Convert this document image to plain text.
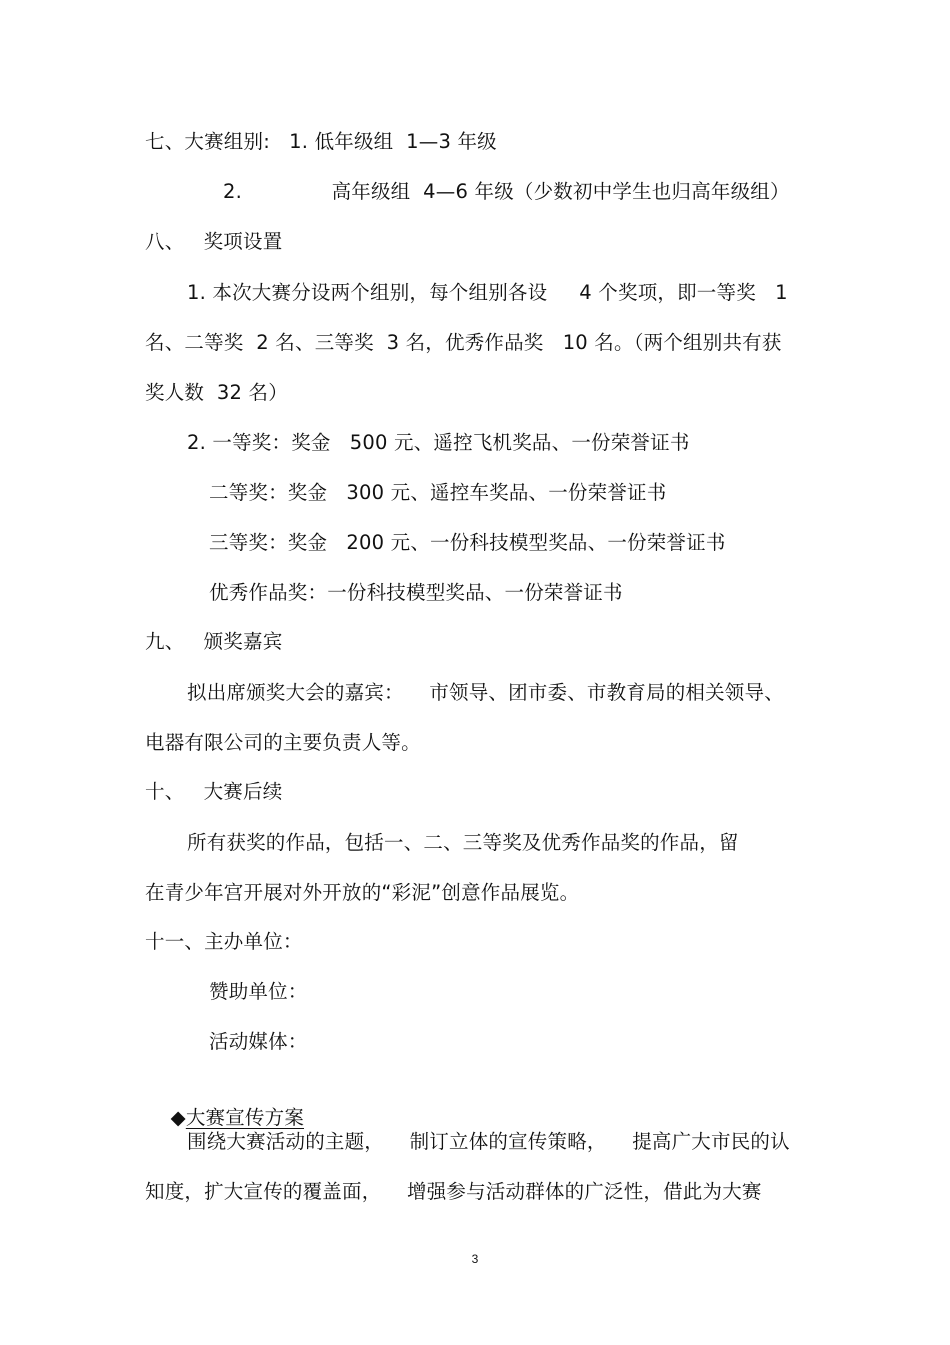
七、大赛组别:   1. 低年级组  1—3 年级
2.              高年级组  4—6 年级（少数初中学生也归高年级组）
八、   奖项设置
1. 本次大赛分设两个组别，每个组别各设     4 个奖项，即一等奖   1
名、二等奖  2 名、三等奖  3 名，优秀作品奖   10 名。（两个组别共有获
奖人数  32 名）
2. 一等奖：奖金   500 元、遥控飞机奖品、一份荣誉证书
二等奖：奖金   300 元、遥控车奖品、一份荣誉证书
三等奖：奖金   200 元、一份科技模型奖品、一份荣誉证书
优秀作品奖：一份科技模型奖品、一份荣誉证书
九、   颁奖嘉宾
拟出席颁奖大会的嘉宾：    市领导、团市委、市教育局的相关领导、
电器有限公司的主要负责人等。
十、   大赛后续
所有获奖的作品，包括一、二、三等奖及优秀作品奖的作品，留
在青少年宫开展对外开放的“彩泥”创意作品展览。
十一、主办单位：
赞助单位：
活动媒体：

◆大赛宣传方案

围绕大赛活动的主题，    制订立体的宣传策略，    提高广大市民的认
知度，扩大宣传的覆盖面，    增强参与活动群体的广泛性，借此为大赛
3
